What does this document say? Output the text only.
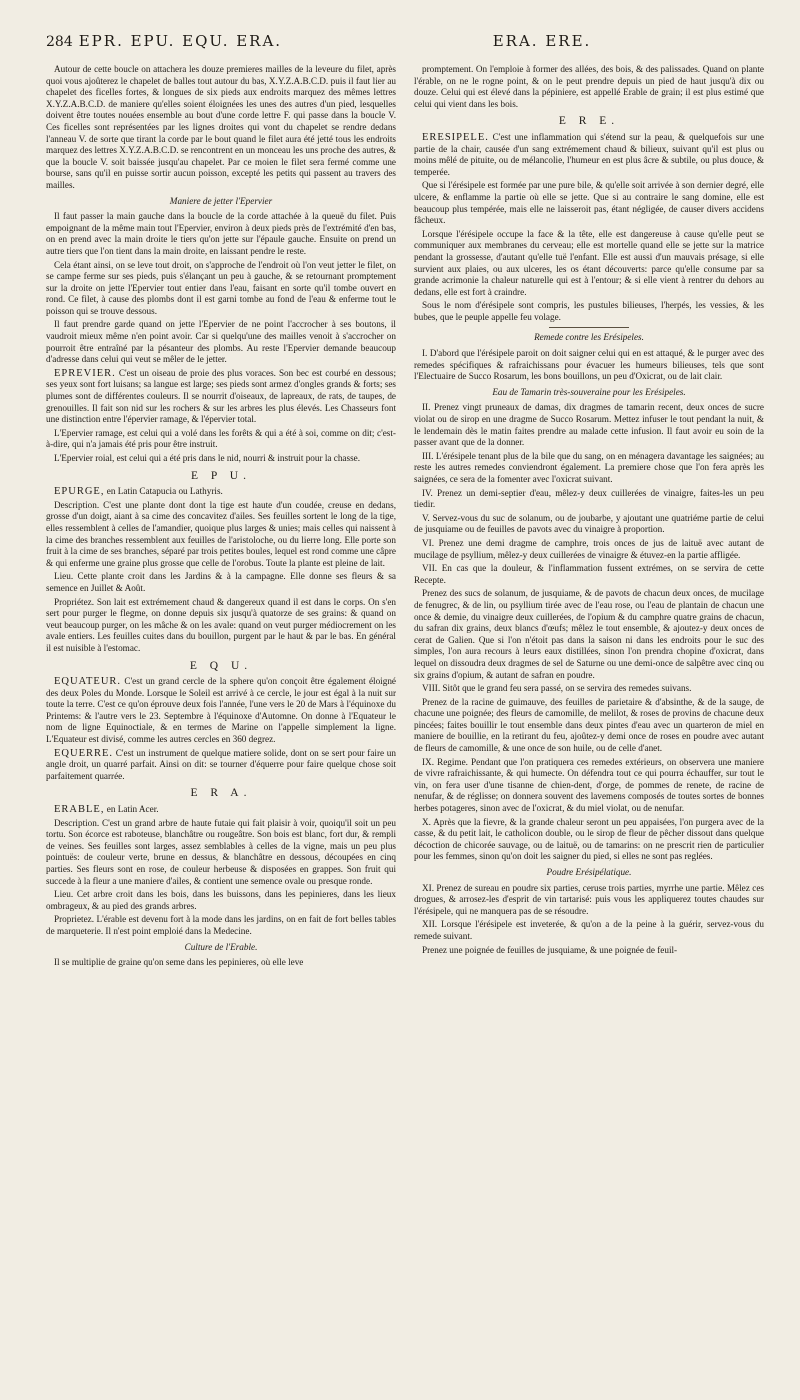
284 EPR. EPU. EQU. ERA.	ERA. ERE.

Autour de cette boucle on attachera les douze premieres mailles de la leveure du filet, après quoi vous ajoûterez le chapelet de balles tout autour du bas, X.Y.Z.A.B.C.D. puis il faut lier au chapelet des ficelles fortes, & longues de six pieds aux endroits marquez des mêmes lettres X.Y.Z.A.B.C.D. de maniere qu'elles soient éloignées les unes des autres d'un pied, lesquelles doivent être toutes nouées ensemble au bout d'une corde lettre F. qui passe dans la boucle V. Ces ficelles sont représentées par les lignes droites qui vont du chapelet se rendre dedans l'anneau V. de sorte que tirant la corde par le bout quand le filet aura été jetté tous les endroits marquez des lettres X.Y.Z.A.B.C.D. se rencontrent en un monceau les uns proche des autres, & que la boucle V. soit baissée jusqu'au chapelet. Par ce moien le filet sera fermé comme une bourse, sans qu'il en puisse sortir aucun poisson, excepté les petits qui passent au travers des mailles.

Maniere de jetter l'Epervier

Il faut passer la main gauche dans la boucle de la corde attachée à la queuë du filet. Puis empoignant de la même main tout l'Epervier, environ à deux pieds près de l'extrémité d'en bas, on en prend avec la main droite le tiers qu'on jette sur l'épaule gauche. Ensuite on prend un autre tiers que l'on tient dans la main droite, en laissant pendre le reste.

Cela étant ainsi, on se leve tout droit, on s'approche de l'endroit où l'on veut jetter le filet, on se campe ferme sur ses pieds, puis s'élançant un peu à gauche, & se retournant promptement sur la droite on jette l'Epervier tout entier dans l'eau, faisant en sorte qu'il tombe ouvert en rond. Ce filet, à cause des plombs dont il est garni tombe au fond de l'eau & enferme tout le poisson qui se trouve dessous.

Il faut prendre garde quand on jette l'Epervier de ne point l'accrocher à ses boutons, il vaudroit mieux même n'en point avoir. Car si quelqu'une des mailles venoit à s'accrocher on pourroit être entraîné par la pésanteur des plombs. Au reste l'Epervier demande beaucoup d'adresse dans celui qui veut se mêler de le jetter.

EPREVIER. C'est un oiseau de proie des plus voraces. Son bec est courbé en dessous; ses yeux sont fort luisans; sa langue est large; ses pieds sont armez d'ongles grands & forts; ses plumes sont de différentes couleurs. Il se nourrit d'oiseaux, de lapreaux, de rats, de taupes, de grenouilles. Il fait son nid sur les rochers & sur les arbres les plus élevés. Les Chasseurs font une distinction entre l'épervier ramage, & l'épervier total.

L'Epervier ramage, est celui qui a volé dans les forêts & qui a été à soi, comme on dit; c'est-à-dire, qui n'a jamais été pris pour être instruit.

L'Epervier roial, est celui qui a été pris dans le nid, nourri & instruit pour la chasse.

E P U.

EPURGE, en Latin Catapucia ou Lathyris.

Description. C'est une plante dont dont la tige est haute d'un coudée, creuse en dedans, grosse d'un doigt, aiant à sa cime des concavitez d'ailes. Ses feuilles sortent le long de la tige, elles ressemblent à celles de l'amandier, quoique plus larges & unies; mais celles qui naissent à la cime des branches ressemblent aux feuilles de l'aristoloche, ou du lierre long. Elle porte son fruit à la cime de ses branches, séparé par trois petites boules, lequel est rond comme une câpre & qui enferme une graine plus grosse que celle de l'orobus. Toute la plante est pleine de lait.

Lieu. Cette plante croit dans les Jardins & à la campagne. Elle donne ses fleurs & sa semence en Juillet & Août.

Propriétez. Son lait est extrémement chaud & dangereux quand il est dans le corps. On s'en sert pour purger le flegme, on donne depuis six jusqu'à quatorze de ses grains: & quand on veut beaucoup purger, on les mâche & on les avale: quand on veut purger médiocrement on les avale entiers. Les feuilles cuites dans du bouillon, purgent par le haut & par le bas. En général il est nuisible à l'estomac.

E Q U.

EQUATEUR. C'est un grand cercle de la sphere qu'on conçoit être également éloigné des deux Poles du Monde. Lorsque le Soleil est arrivé à ce cercle, le jour est égal à la nuit sur toute la terre. C'est ce qu'on éprouve deux fois l'année, l'une vers le 20 de Mars à l'équinoxe du Printems: & l'autre vers le 23. Septembre à l'équinoxe d'Automne. On donne à l'Equateur le nom de ligne Equinoctiale, & en termes de Marine on l'appelle simplement la ligne. L'Equateur est divisé, comme les autres cercles en 360 degrez.

EQUERRE. C'est un instrument de quelque matiere solide, dont on se sert pour faire un angle droit, un quarré parfait. Ainsi on dit: se tourner d'équerre pour faire quelque chose soit parfaitement quarrée.

E R A.

ERABLE, en Latin Acer.

Description. C'est un grand arbre de haute futaie qui fait plaisir à voir, quoiqu'il soit un peu tortu. Son écorce est raboteuse, blanchâtre ou rougeâtre. Son bois est blanc, fort dur, & rempli de veines. Ses feuilles sont larges, assez semblables à celles de la vigne, mais un peu plus pointuës: de couleur verte, brune en dessus, & blanchâtre en dessous, découpées en cinq parties. Ses fleurs sont en rose, de couleur herbeuse & disposées en grappes. Son fruit qui succede à la fleur a une maniere d'ailes, & contient une semence ovale ou presque ronde.

Lieu. Cet arbre croit dans les bois, dans les buissons, dans les pepinieres, dans les lieux ombrageux, & au pied des grands arbres.

Proprietez. L'érable est devenu fort à la mode dans les jardins, on en fait de fort belles tables de marqueterie. Il n'est point emploié dans la Medecine.

Culture de l'Erable.

Il se multiplie de graine qu'on seme dans les pepinieres, où elle leve

promptement. On l'emploie à former des allées, des bois, & des palissades. Quand on plante l'érable, on ne le rogne point, & on le peut prendre depuis un pied de haut jusqu'à dix ou douze. Celui qui est élevé dans la pépiniere, est appellé Erable de grain; il est plus estimé que celui qui vient dans les bois.

E R E.

ERESIPELE. C'est une inflammation qui s'étend sur la peau, & quelquefois sur une partie de la chair, causée d'un sang extrémement chaud & bilieux, suivant qu'il est plus ou moins mêlé de pituite, ou de mélancolie, l'humeur en est plus âcre & subtile, ou plus douce, & temperée.

Que si l'érésipele est formée par une pure bile, & qu'elle soit arrivée à son dernier degré, elle ulcere, & enflamme la partie où elle se jette. Que si au contraire le sang domine, elle est beaucoup plus tempérée, mais elle ne laisseroit pas, étant négligée, de causer divers accidens fâcheux.

Lorsque l'érésipele occupe la face & la tête, elle est dangereuse à cause qu'elle peut se communiquer aux membranes du cerveau; elle est mortelle quand elle se jette sur la matrice pendant la grossesse, d'autant qu'elle tuë l'enfant. Elle est aussi d'un mauvais présage, si elle survient aux plaies, ou aux ulceres, les os étant découverts: parce qu'elle consume par sa grande acrimonie la chaleur naturelle qui est à l'entour; & si elle vient à rentrer du dehors au dedans, elle est fort à craindre.

Sous le nom d'érésipele sont compris, les pustules bilieuses, l'herpés, les vessies, & les bubes, que le peuple appelle feu volage.

Remede contre les Erésipeles.

I. D'abord que l'érésipele paroit on doit saigner celui qui en est attaqué, & le purger avec des remedes spécifiques & rafraichissans pour évacuer les humeurs bilieuses, tels que sont l'Electuaire de Succo Rosarum, les bons bouillons, un peu d'Oxicrat, ou de lait clair.

Eau de Tamarin très-souveraine pour les Erésipeles.

II. Prenez vingt pruneaux de damas, dix dragmes de tamarin recent, deux onces de sucre violat ou de sirop en une dragme de Succo Rosarum. Mettez infuser le tout pendant la nuit, & le lendemain dès le matin faites prendre au malade cette infusion. Il faut avoir eu soin de la passer avant que de la donner.

III. L'érésipele tenant plus de la bile que du sang, on en ménagera davantage les saignées; au reste les autres remedes conviendront également. La premiere chose que l'on fera après les saignées, ce sera de la fomenter avec l'oxicrat suivant.

IV. Prenez un demi-septier d'eau, mêlez-y deux cuillerées de vinaigre, faites-les un peu tiedir.

V. Servez-vous du suc de solanum, ou de joubarbe, y ajoutant une quatriéme partie de celui de jusquiame ou de feuilles de pavots avec du vinaigre à proportion.

VI. Prenez une demi dragme de camphre, trois onces de jus de laituë avec autant de mucilage de psyllium, mêlez-y deux cuillerées de vinaigre & étuvez-en la partie affligée.

VII. En cas que la douleur, & l'inflammation fussent extrémes, on se servira de cette Recepte.

Prenez des sucs de solanum, de jusquiame, & de pavots de chacun deux onces, de mucilage de fenugrec, & de lin, ou psyllium tirée avec de l'eau rose, ou l'eau de plantain de chacun une once & demie, du vinaigre deux cuillerées, de l'opium & du camphre quatre grains de chacun, du safran dix grains, deux blancs d'œufs; mêlez le tout ensemble, & ajoutez-y deux onces de cerat de Galien. Que si l'on n'étoit pas dans la saison ni dans les endroits pour le suc des simples, l'on aura recours à leurs eaux distillées, sinon l'on prendra chopine d'oxicrat, dans lequel on dissoudra deux dragmes de sel de Saturne ou une demi-once de salpêtre avec cinq ou six grains d'opium, & autant de safran en poudre.

VIII. Sitôt que le grand feu sera passé, on se servira des remedes suivans.

Prenez de la racine de guimauve, des feuilles de parietaire & d'absinthe, & de la sauge, de chacune une poignée; des fleurs de camomille, de melilot, & roses de provins de chacune deux pincées; faites bouillir le tout ensemble dans deux pintes d'eau avec un quarteron de miel en maniere de bouillie, en la retirant du feu, ajoûtez-y demi once de roses en poudre avec autant de fleurs de camomille, & une once de son huile, ou de celle d'anet.

IX. Regime. Pendant que l'on pratiquera ces remedes extérieurs, on observera une maniere de vivre rafraichissante, & qui humecte. On défendra tout ce qui pourra échauffer, sur tout le vin, on fera user d'une tisanne de chien-dent, d'orge, de pommes de renete, de racine de nenufar, & de réglisse; on donnera souvent des lavemens composés de toutes sortes de bonnes herbes potageres, sinon avec de l'oxicrat, & du miel violat, ou de nenufar.

X. Après que la fievre, & la grande chaleur seront un peu appaisées, l'on purgera avec de la casse, & du petit lait, le catholicon double, ou le sirop de fleur de pêcher dissout dans quelque décoction de chicorée sauvage, ou de laituë, ou de tamarins: on ne prescrit rien de particulier pour les femmes, sinon qu'on doit les saigner du pied, si elles ne sont pas reglées.

Poudre Erésipélatique.

XI. Prenez de sureau en poudre six parties, ceruse trois parties, myrrhe une partie. Mêlez ces drogues, & arrosez-les d'esprit de vin tartarisé: puis vous les appliquerez toutes chaudes sur l'érésipele, qui ne manquera pas de se résoudre.

XII. Lorsque l'érésipele est inveterée, & qu'on a de la peine à la guérir, servez-vous du remede suivant.

Prenez une poignée de feuilles de jusquiame, & une poignée de feuil-
